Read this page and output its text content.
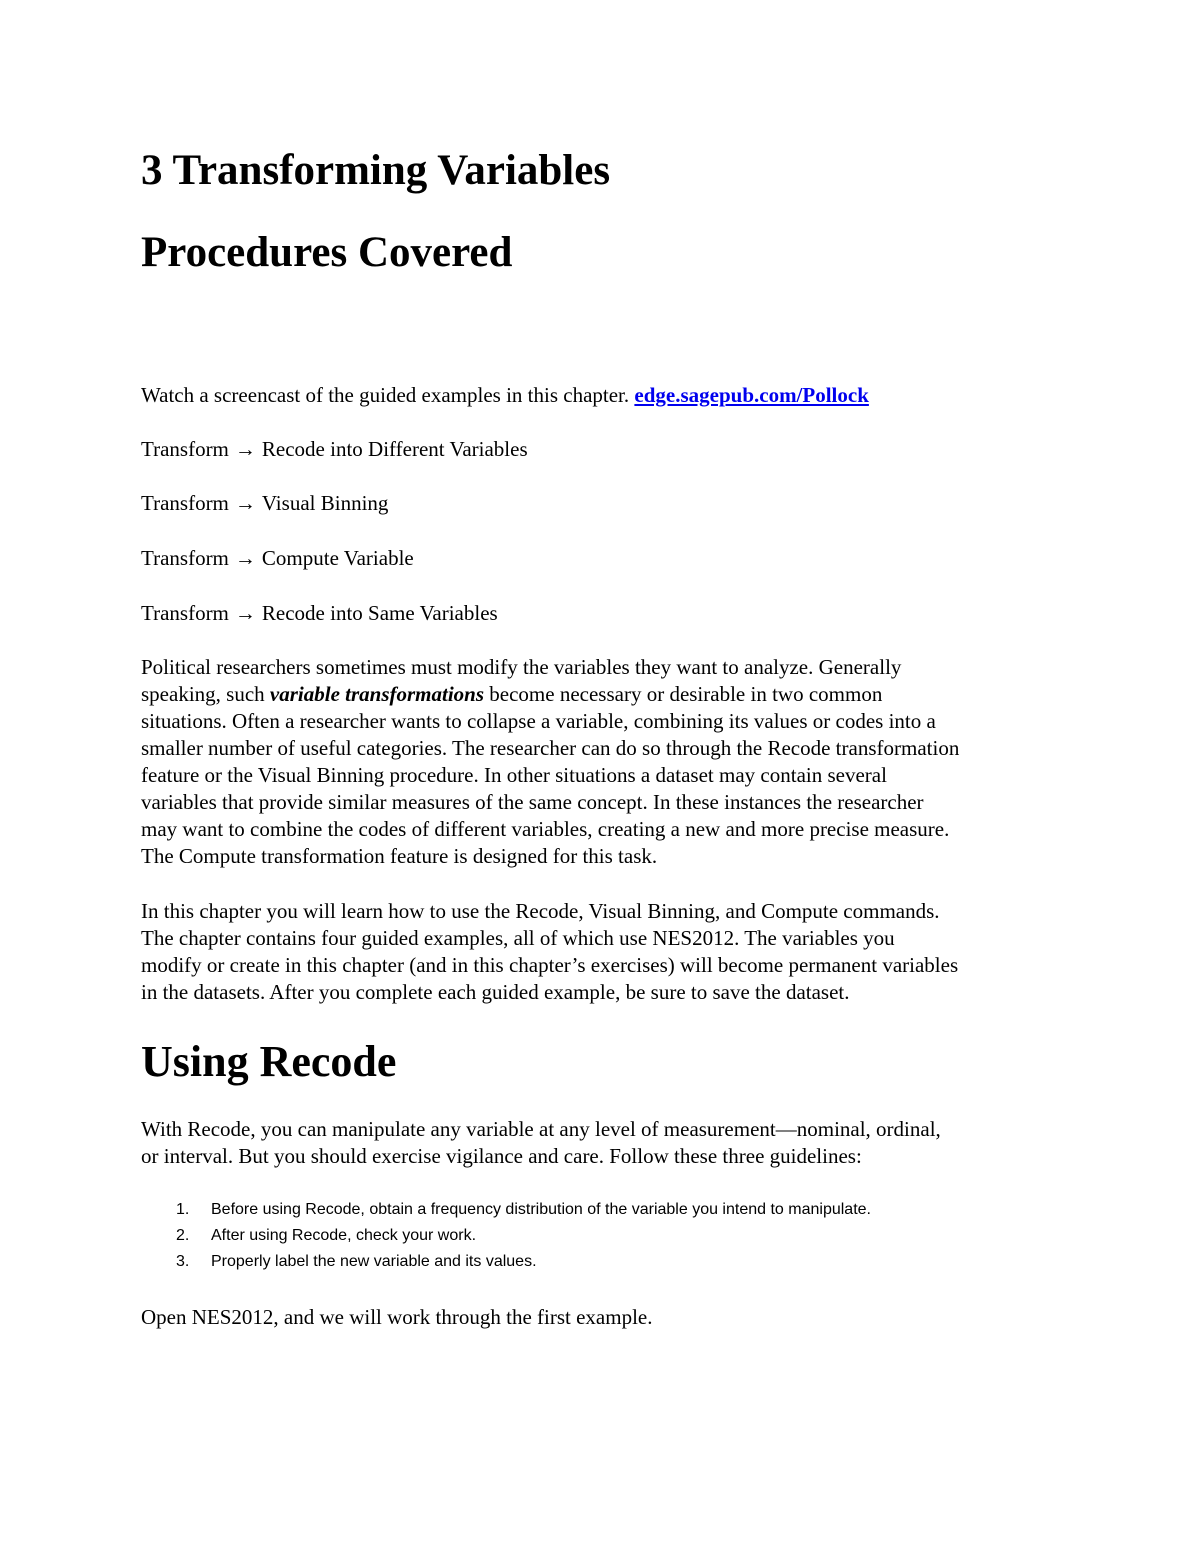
3 Transforming Variables
Procedures Covered

Watch a screencast of the guided examples in this chapter. edge.sagepub.com/Pollock

Transform → Recode into Different Variables

Transform → Visual Binning

Transform → Compute Variable

Transform → Recode into Same Variables

Political researchers sometimes must modify the variables they want to analyze. Generally

speaking, such variable transformations become necessary or desirable in two common

situations. Often a researcher wants to collapse a variable, combining its values or codes into a

smaller number of useful categories. The researcher can do so through the Recode transformation

feature or the Visual Binning procedure. In other situations a dataset may contain several

variables that provide similar measures of the same concept. In these instances the researcher

may want to combine the codes of different variables, creating a new and more precise measure.

The Compute transformation feature is designed for this task.

In this chapter you will learn how to use the Recode, Visual Binning, and Compute commands.

The chapter contains four guided examples, all of which use NES2012. The variables you

modify or create in this chapter (and in this chapter’s exercises) will become permanent variables

in the datasets. After you complete each guided example, be sure to save the dataset.

Using Recode

With Recode, you can manipulate any variable at any level of measurement—nominal, ordinal,

or interval. But you should exercise vigilance and care. Follow these three guidelines:

1. Before using Recode, obtain a frequency distribution of the variable you intend to manipulate.
2. After using Recode, check your work.
3. Properly label the new variable and its values.

Open NES2012, and we will work through the first example.
